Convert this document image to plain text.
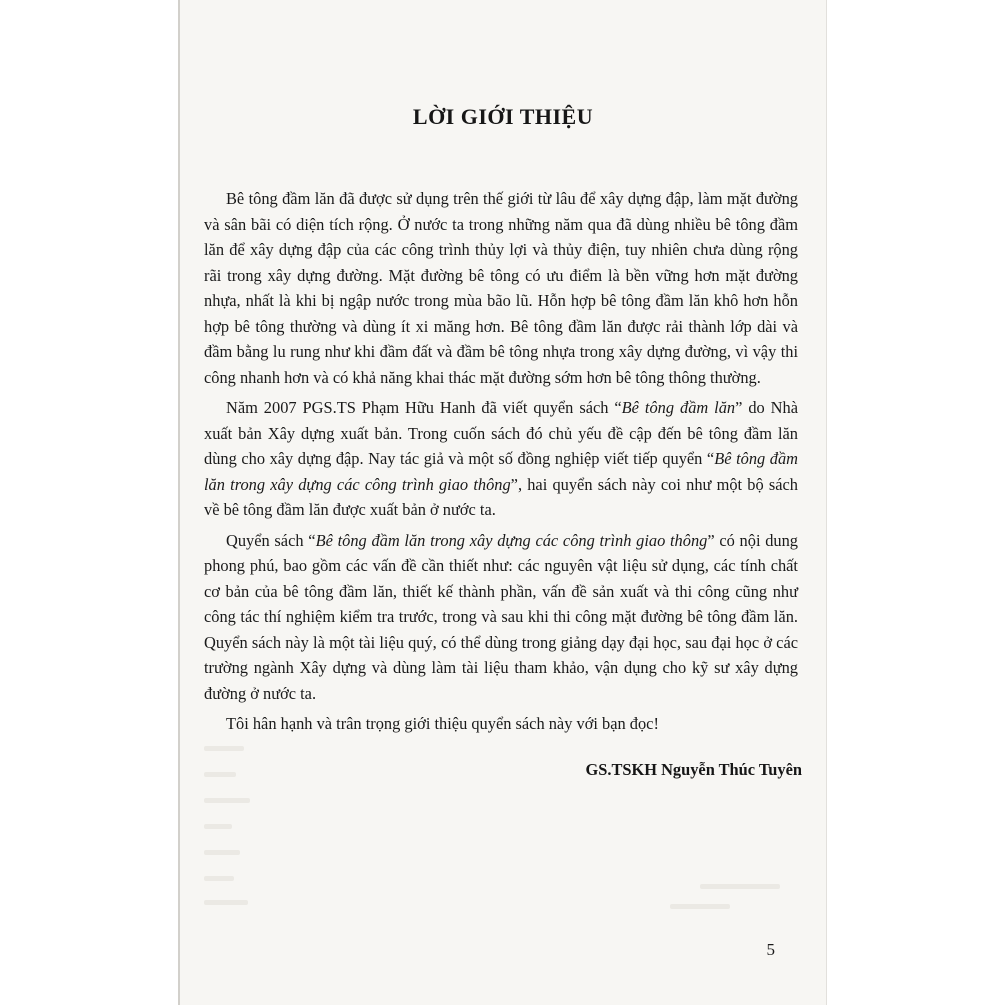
LỜI GIỚI THIỆU

Bê tông đầm lăn đã được sử dụng trên thế giới từ lâu để xây dựng đập, làm mặt đường và sân bãi có diện tích rộng. Ở nước ta trong những năm qua đã dùng nhiều bê tông đầm lăn để xây dựng đập của các công trình thủy lợi và thủy điện, tuy nhiên chưa dùng rộng rãi trong xây dựng đường. Mặt đường bê tông có ưu điểm là bền vững hơn mặt đường nhựa, nhất là khi bị ngập nước trong mùa bão lũ. Hỗn hợp bê tông đầm lăn khô hơn hỗn hợp bê tông thường và dùng ít xi măng hơn. Bê tông đầm lăn được rải thành lớp dài và đầm bằng lu rung như khi đầm đất và đầm bê tông nhựa trong xây dựng đường, vì vậy thi công nhanh hơn và có khả năng khai thác mặt đường sớm hơn bê tông thông thường.

Năm 2007 PGS.TS Phạm Hữu Hanh đã viết quyển sách “Bê tông đầm lăn” do Nhà xuất bản Xây dựng xuất bản. Trong cuốn sách đó chủ yếu đề cập đến bê tông đầm lăn dùng cho xây dựng đập. Nay tác giả và một số đồng nghiệp viết tiếp quyển “Bê tông đầm lăn trong xây dựng các công trình giao thông”, hai quyển sách này coi như một bộ sách về bê tông đầm lăn được xuất bản ở nước ta.

Quyển sách “Bê tông đầm lăn trong xây dựng các công trình giao thông” có nội dung phong phú, bao gồm các vấn đề cần thiết như: các nguyên vật liệu sử dụng, các tính chất cơ bản của bê tông đầm lăn, thiết kế thành phần, vấn đề sản xuất và thi công cũng như công tác thí nghiệm kiểm tra trước, trong và sau khi thi công mặt đường bê tông đầm lăn. Quyển sách này là một tài liệu quý, có thể dùng trong giảng dạy đại học, sau đại học ở các trường ngành Xây dựng và dùng làm tài liệu tham khảo, vận dụng cho kỹ sư xây dựng đường ở nước ta.

Tôi hân hạnh và trân trọng giới thiệu quyển sách này với bạn đọc!

GS.TSKH Nguyễn Thúc Tuyên
5
